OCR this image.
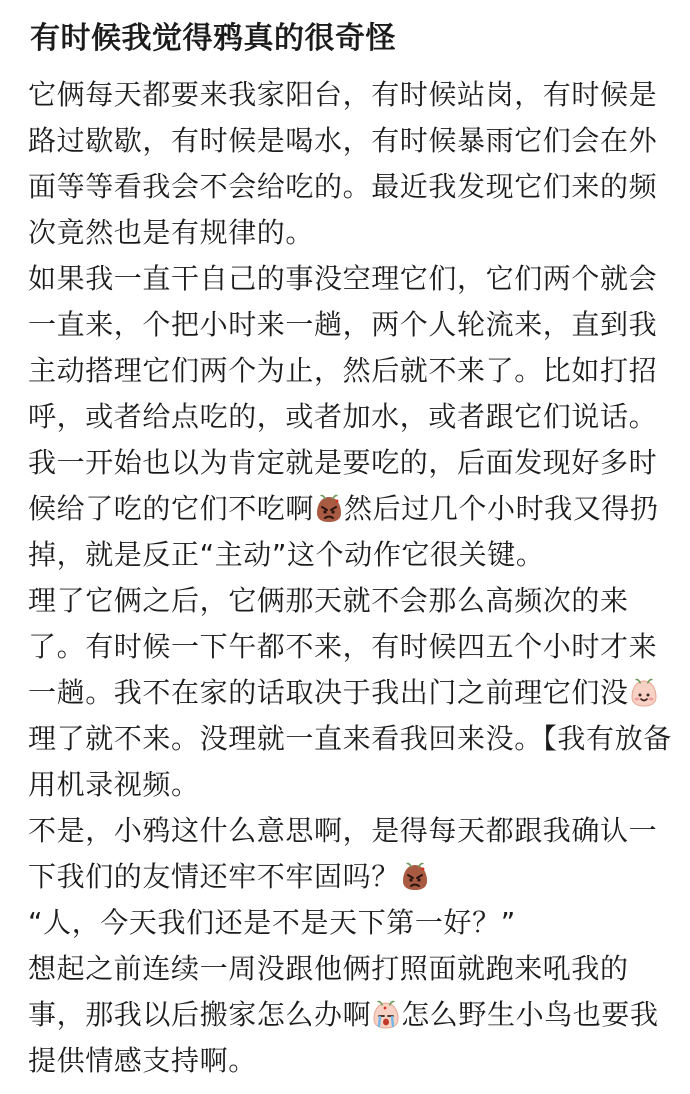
有时候我觉得鸦真的很奇怪
它俩每天都要来我家阳台，有时候站岗，有时候是
路过歇歇，有时候是喝水，有时候暴雨它们会在外
面等等看我会不会给吃的。最近我发现它们来的频
次竟然也是有规律的。
如果我一直干自己的事没空理它们，它们两个就会
一直来，个把小时来一趟，两个人轮流来，直到我
主动搭理它们两个为止，然后就不来了。比如打招
呼，或者给点吃的，或者加水，或者跟它们说话。
我一开始也以为肯定就是要吃的，后面发现好多时
候给了吃的它们不吃啊 然后过几个小时我又得扔
掉，就是反正“主动”这个动作它很关键。
理了它俩之后，它俩那天就不会那么高频次的来
了。有时候一下午都不来，有时候四五个小时才来
一趟。我不在家的话取决于我出门之前理它们没
理了就不来。没理就一直来看我回来没。【我有放备
用机录视频。
不是，小鸦这什么意思啊，是得每天都跟我确认一
下我们的友情还牢不牢固吗？
“人，今天我们还是不是天下第一好？”
想起之前连续一周没跟他俩打照面就跑来吼我的
事，那我以后搬家怎么办啊 怎么野生小鸟也要我
提供情感支持啊。
